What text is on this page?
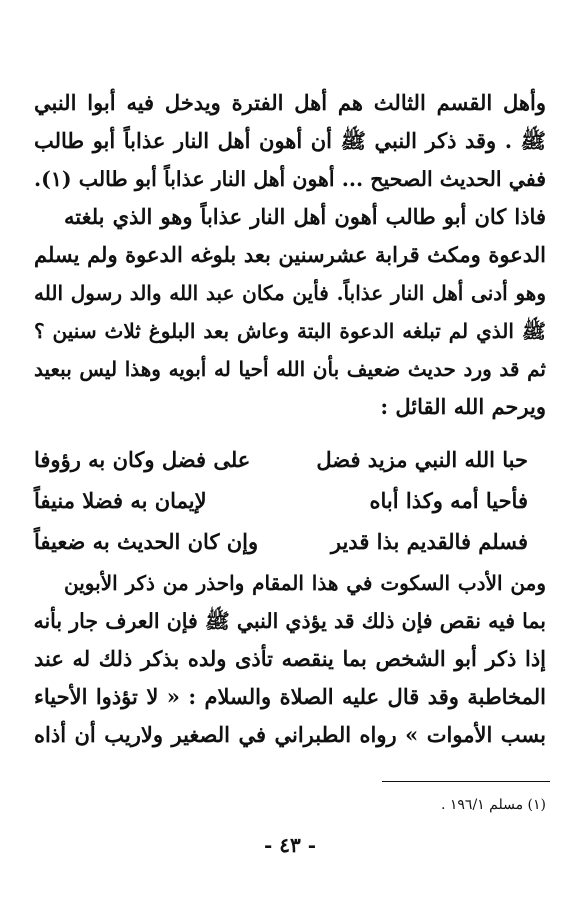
وأهل القسم الثالث هم أهل الفترة ويدخل فيه أبوا النبي
ﷺ . وقد ذكر النبي ﷺ أن أهون أهل النار عذاباً أبو طالب
ففي الحديث الصحيح ... أهون أهل النار عذاباً أبو طالب (١).
فاذا كان أبو طالب أهون أهل النار عذاباً وهو الذي بلغته
الدعوة ومكث قرابة عشرسنين بعد بلوغه الدعوة ولم يسلم
وهو أدنى أهل النار عذاباً. فأين مكان عبد الله والد رسول الله
ﷺ الذي لم تبلغه الدعوة البتة وعاش بعد البلوغ ثلاث سنين ؟
ثم قد ورد حديث ضعيف بأن الله أحيا له أبويه وهذا ليس ببعيد
ويرحم الله القائل :
حبا الله النبي مزيد فضل
على فضل وكان به رؤوفا
فأحيا أمه وكذا أباه
لإيمان به فضلا منيفاً
فسلم فالقديم بذا قدير
وإن كان الحديث به ضعيفاً
ومن الأدب السكوت في هذا المقام واحذر من ذكر الأبوين
بما فيه نقص فإن ذلك قد يؤذي النبي ﷺ فإن العرف جار بأنه
إذا ذكر أبو الشخص بما ينقصه تأذى ولده بذكر ذلك له عند
المخاطبة وقد قال عليه الصلاة والسلام : « لا تؤذوا الأحياء
بسب الأموات » رواه الطبراني في الصغير ولاريب أن أذاه
(١) مسلم ١٩٦/١ .
- ٤٣ -
